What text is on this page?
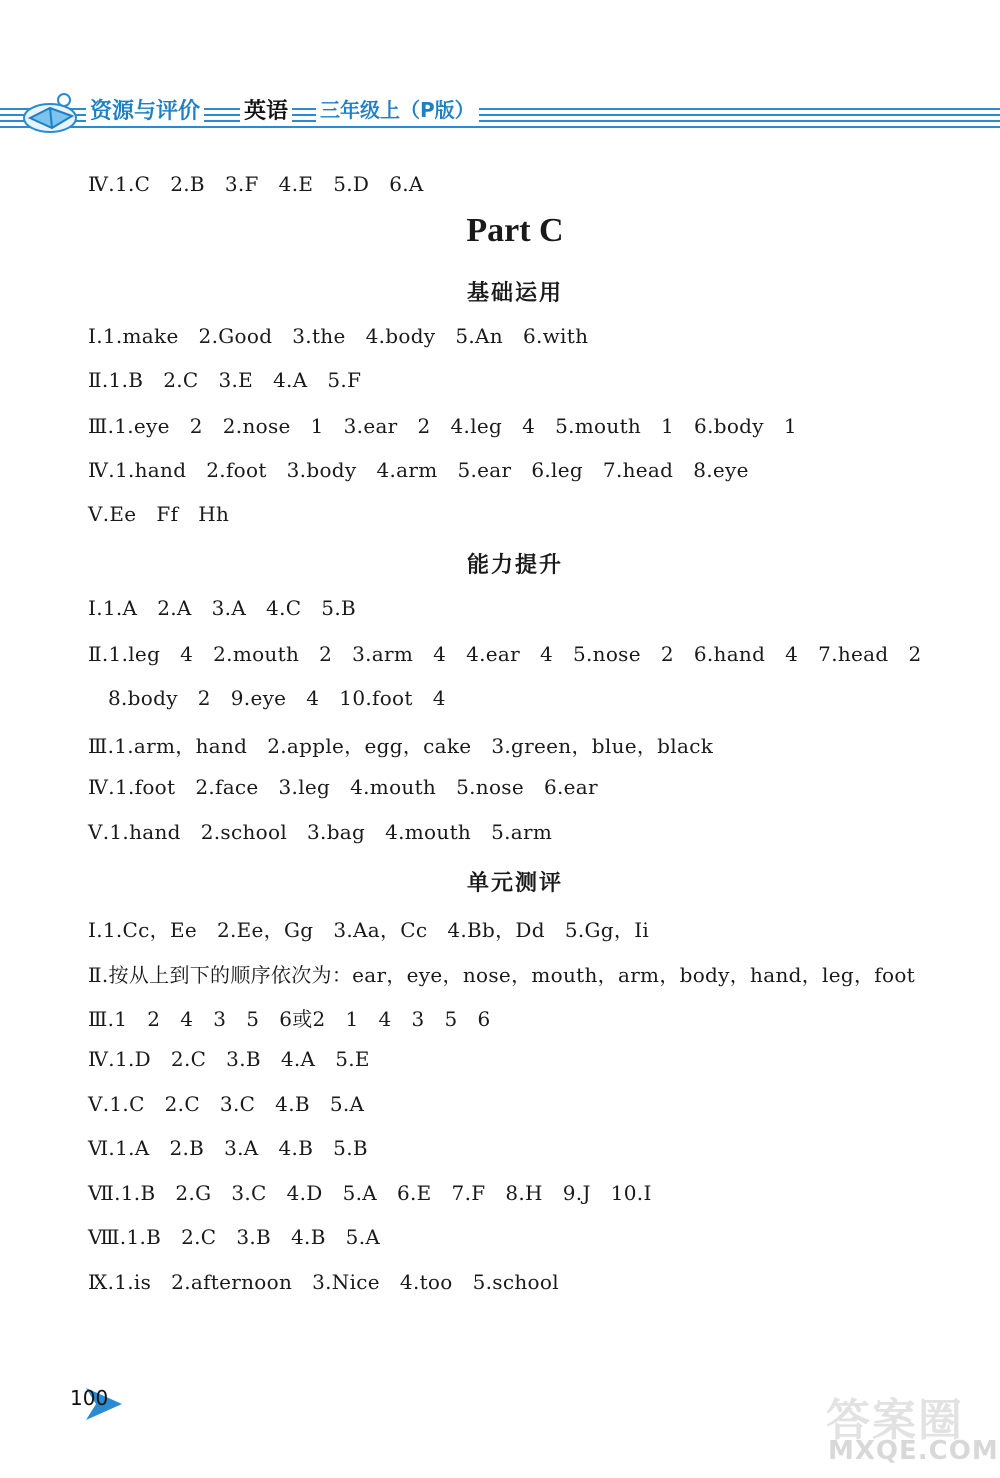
资源与评价 英语 三年级上（P版）
Ⅳ.1.C   2.B   3.F   4.E   5.D   6.A
Part C
基础运用
Ⅰ.1.make   2.Good   3.the   4.body   5.An   6.with
Ⅱ.1.B   2.C   3.E   4.A   5.F
Ⅲ.1.eye   2   2.nose   1   3.ear   2   4.leg   4   5.mouth   1   6.body   1
Ⅳ.1.hand   2.foot   3.body   4.arm   5.ear   6.leg   7.head   8.eye
Ⅴ.Ee   Ff   Hh
能力提升
Ⅰ.1.A   2.A   3.A   4.C   5.B
Ⅱ.1.leg   4   2.mouth   2   3.arm   4   4.ear   4   5.nose   2   6.hand   4   7.head   2
8.body   2   9.eye   4   10.foot   4
Ⅲ.1.arm，hand   2.apple，egg，cake   3.green，blue，black
Ⅳ.1.foot   2.face   3.leg   4.mouth   5.nose   6.ear
Ⅴ.1.hand   2.school   3.bag   4.mouth   5.arm
单元测评
Ⅰ.1.Cc，Ee   2.Ee，Gg   3.Aa，Cc   4.Bb，Dd   5.Gg，Ii
Ⅱ.按从上到下的顺序依次为：ear，eye，nose，mouth，arm，body，hand，leg，foot
Ⅲ.1   2   4   3   5   6或2   1   4   3   5   6
Ⅳ.1.D   2.C   3.B   4.A   5.E
Ⅴ.1.C   2.C   3.C   4.B   5.A
Ⅵ.1.A   2.B   3.A   4.B   5.B
Ⅶ.1.B   2.G   3.C   4.D   5.A   6.E   7.F   8.H   9.J   10.I
Ⅷ.1.B   2.C   3.B   4.B   5.A
Ⅸ.1.is   2.afternoon   3.Nice   4.too   5.school
100	答案圈
MXQE.COM
